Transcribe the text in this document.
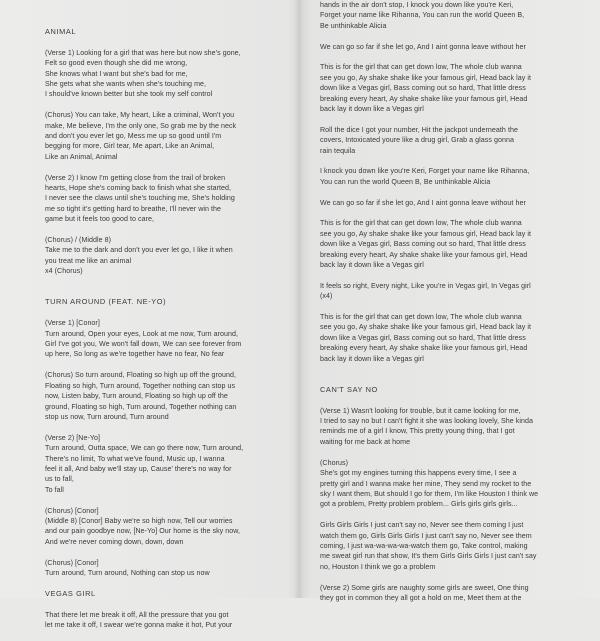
ANIMAL
(Verse 1) Looking for a girl that was here but now she's gone,
Felt so good even though she did me wrong,
She knows what I want but she's bad for me,
She gets what she wants when she's touching me,
I should've known better but she took my self control
(Chorus) You can take, My heart, Like a criminal, Won't you
make, Me believe, I'm the only one, So grab me by the neck
and don't you ever let go, Mess me up so good until I'm
begging for more, Girl tear, Me apart, Like an Animal,
Like an Animal, Animal
(Verse 2) I know I'm getting close from the trail of broken
hearts, Hope she's coming back to finish what she started,
I never see the claws until she's touching me, She's holding
me so tight it's getting hard to breathe, I'll never win the
game but it feels too good to care,
(Chorus) / (Middle 8)
Take me to the dark and don't you ever let go, I like it when
you treat me like an animal
x4 (Chorus)
TURN AROUND (FEAT. NE-YO)
(Verse 1) [Conor]
Turn around, Open your eyes, Look at me now, Turn around,
Girl I've got you, We won't fall down, We can see forever from
up here, So long as we're together have no fear, No fear
(Chorus) So turn around, Floating so high up off the ground,
Floating so high, Turn around, Together nothing can stop us
now, Listen baby, Turn around, Floating so high up off the
ground, Floating so high, Turn around, Together nothing can
stop us now, Turn around, Turn around
(Verse 2) [Ne-Yo]
Turn around, Outta space, We can go there now, Turn around,
There's no limit, To what we've found, Music up, I wanna
feel it all, And baby we'll stay up, Cause' there's no way for
us to fall,
To fall
(Chorus) [Conor]
(Middle 8) [Conor] Baby we're so high now, Tell our worries
and our pain goodbye now, [Ne-Yo] Our home is the sky now,
And we're never coming down, down, down
(Chorus) [Conor]
Turn around, Turn around, Nothing can stop us now
VEGAS GIRL
That there let me break it off, All the pressure that you got
let me take it off, I swear we're gonna make it hot, Put your
hands in the air don't stop, I knock you down like you're Keri,
Forget your name like Rihanna, You can run the world Queen B,
Be unthinkable Alicia
We can go so far if she let go, And I aint gonna leave without her
This is for the girl that can get down low, The whole club wanna
see you go, Ay shake shake like your famous girl, Head back lay it
down like a Vegas girl, Bass coming out so hard, That little dress
breaking every heart, Ay shake shake like your famous girl, Head
back lay it down like a Vegas girl
Roll the dice I got your number, Hit the jackpot underneath the
covers, Intoxicated youre like a drug girl, Grab a glass gonna
rain tequila
I knock you down like you're Keri, Forget your name like Rihanna,
You can run the world Queen B, Be unthinkable Alicia
We can go so far if she let go, And I aint gonna leave without her
This is for the girl that can get down low, The whole club wanna
see you go, Ay shake shake like your famous girl, Head back lay it
down like a Vegas girl, Bass coming out so hard, That little dress
breaking every heart, Ay shake shake like your famous girl, Head
back lay it down like a Vegas girl
It feels so right, Every night, Like you're in Vegas girl, In Vegas girl
(x4)
This is for the girl that can get down low, The whole club wanna
see you go, Ay shake shake like your famous girl, Head back lay it
down like a Vegas girl, Bass coming out so hard, That little dress
breaking every heart, Ay shake shake like your famous girl, Head
back lay it down like a Vegas girl
CAN'T SAY NO
(Verse 1) Wasn't looking for trouble, but it came looking for me,
I tried to say no but I can't fight it she was looking lovely, She kinda
reminds me of a girl I know, This pretty young thing, that I got
waiting for me back at home
(Chorus)
She's got my engines turning this happens every time, I see a
pretty girl and I wanna make her mine, They send my rocket to the
sky I want them, But should I go for them, I'm like Houston I think we
got a problem, Pretty problem problem... Girls girls girls girls...
Girls Girls Girls I just can't say no, Never see them coming I just
watch them go, Girls Girls Girls I just can't say no, Never see them
coming, I just wa-wa-wa-wa-watch them go, Take control, making
me sweat girl run that show, It's them Girls Girls Girls I just can't say
no, Houston I think we go a problem
(Verse 2) Some girls are naughty some girls are sweet, One thing
they got in common they all got a hold on me, Meet them at the
